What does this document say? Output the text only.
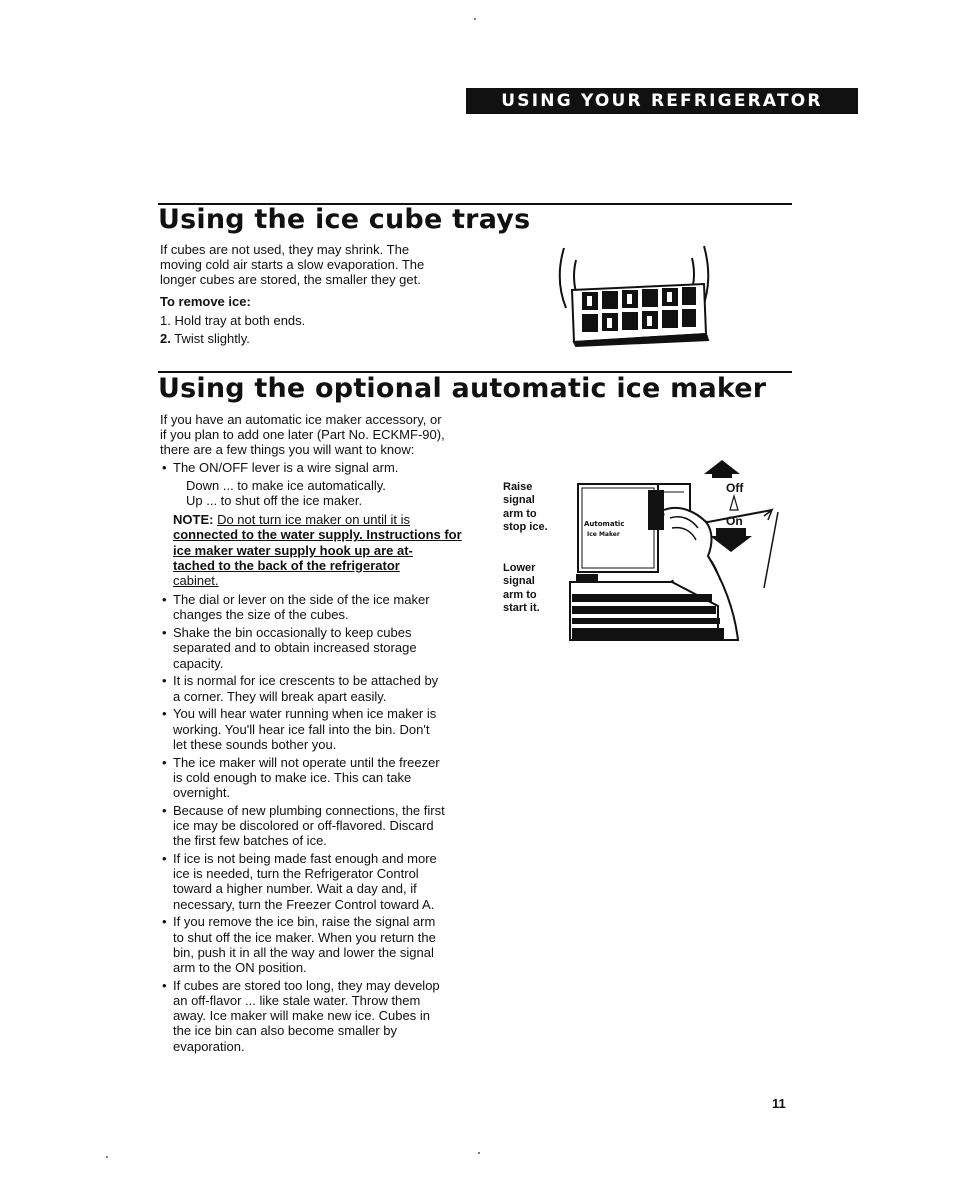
USING YOUR REFRIGERATOR
Using the ice cube trays

If cubes are not used, they may shrink. The

moving cold air starts a slow evaporation. The

longer cubes are stored, the smaller they get.

To remove ice:

1. Hold tray at both ends.

2. Twist slightly.

Using the optional automatic ice maker

If you have an automatic ice maker accessory, or

if you plan to add one later (Part No. ECKMF-90),

there are a few things you will want to know:

• The ON/OFF lever is a wire signal arm.
Down ... to make ice automatically.
Up ... to shut off the ice maker.
NOTE: Do not turn ice maker on until it is
connected to the water supply. Instructions for
ice maker water supply hook up are at-
tached to the back of the refrigerator
cabinet.
• The dial or lever on the side of the ice maker
changes the size of the cubes.
• Shake the bin occasionally to keep cubes
separated and to obtain increased storage
capacity.
• It is normal for ice crescents to be attached by
a corner. They will break apart easily.
• You will hear water running when ice maker is
working. You'll hear ice fall into the bin. Don't
let these sounds bother you.
• The ice maker will not operate until the freezer
is cold enough to make ice. This can take
overnight.
• Because of new plumbing connections, the first
ice may be discolored or off-flavored. Discard
the first few batches of ice.
• If ice is not being made fast enough and more
ice is needed, turn the Refrigerator Control
toward a higher number. Wait a day and, if
necessary, turn the Freezer Control toward A.
• If you remove the ice bin, raise the signal arm
to shut off the ice maker. When you return the
bin, push it in all the way and lower the signal
arm to the ON position.
• If cubes are stored too long, they may develop
an off-flavor ... like stale water. Throw them
away. Ice maker will make new ice. Cubes in
the ice bin can also become smaller by
evaporation.
Raise
signal
arm to
stop ice.
Lower
signal
arm to
start it.
Automatic
Ice Maker
Off
On
11
